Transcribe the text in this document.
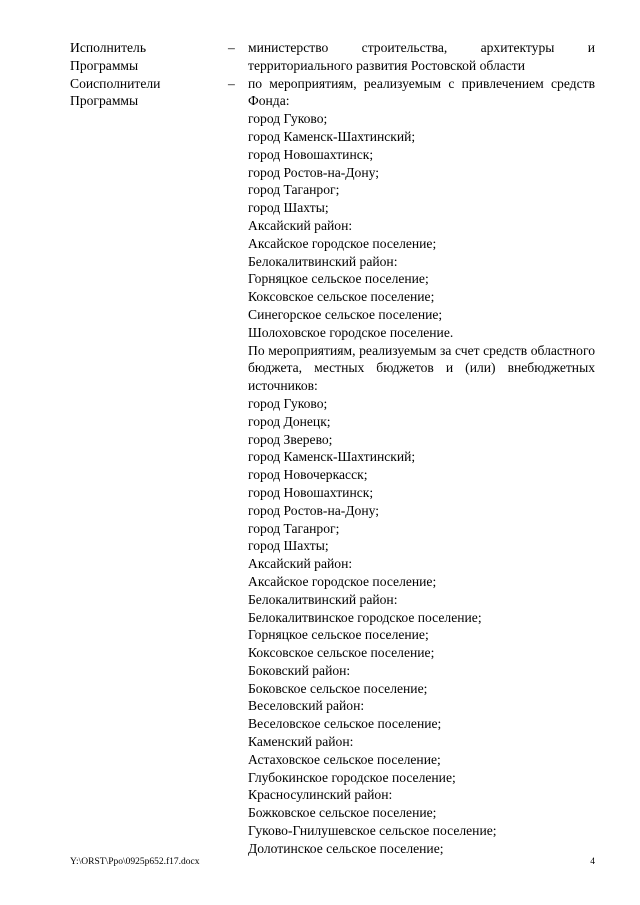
Исполнитель
Программы
– министерство строительства, архитектуры и территориального развития Ростовской области
Соисполнители
Программы
– по мероприятиям, реализуемым с привлечением средств Фонда:
город Гуково;
город Каменск-Шахтинский;
город Новошахтинск;
город Ростов-на-Дону;
город Таганрог;
город Шахты;
Аксайский район:
Аксайское городское поселение;
Белокалитвинский район:
Горняцкое сельское поселение;
Коксовское сельское поселение;
Синегорское сельское поселение;
Шолоховское городское поселение.
По мероприятиям, реализуемым за счет средств областного бюджета, местных бюджетов и (или) внебюджетных источников:
город Гуково;
город Донецк;
город Зверево;
город Каменск-Шахтинский;
город Новочеркасск;
город Новошахтинск;
город Ростов-на-Дону;
город Таганрог;
город Шахты;
Аксайский район:
Аксайское городское поселение;
Белокалитвинский район:
Белокалитвинское городское поселение;
Горняцкое сельское поселение;
Коксовское сельское поселение;
Боковский район:
Боковское сельское поселение;
Веселовский район:
Веселовское сельское поселение;
Каменский район:
Астаховское сельское поселение;
Глубокинское городское поселение;
Красносулинский район:
Божковское сельское поселение;
Гуково-Гнилушевское сельское поселение;
Долотинское сельское поселение;
Y:\ORST\Ppo\0925p652.f17.docx	4
